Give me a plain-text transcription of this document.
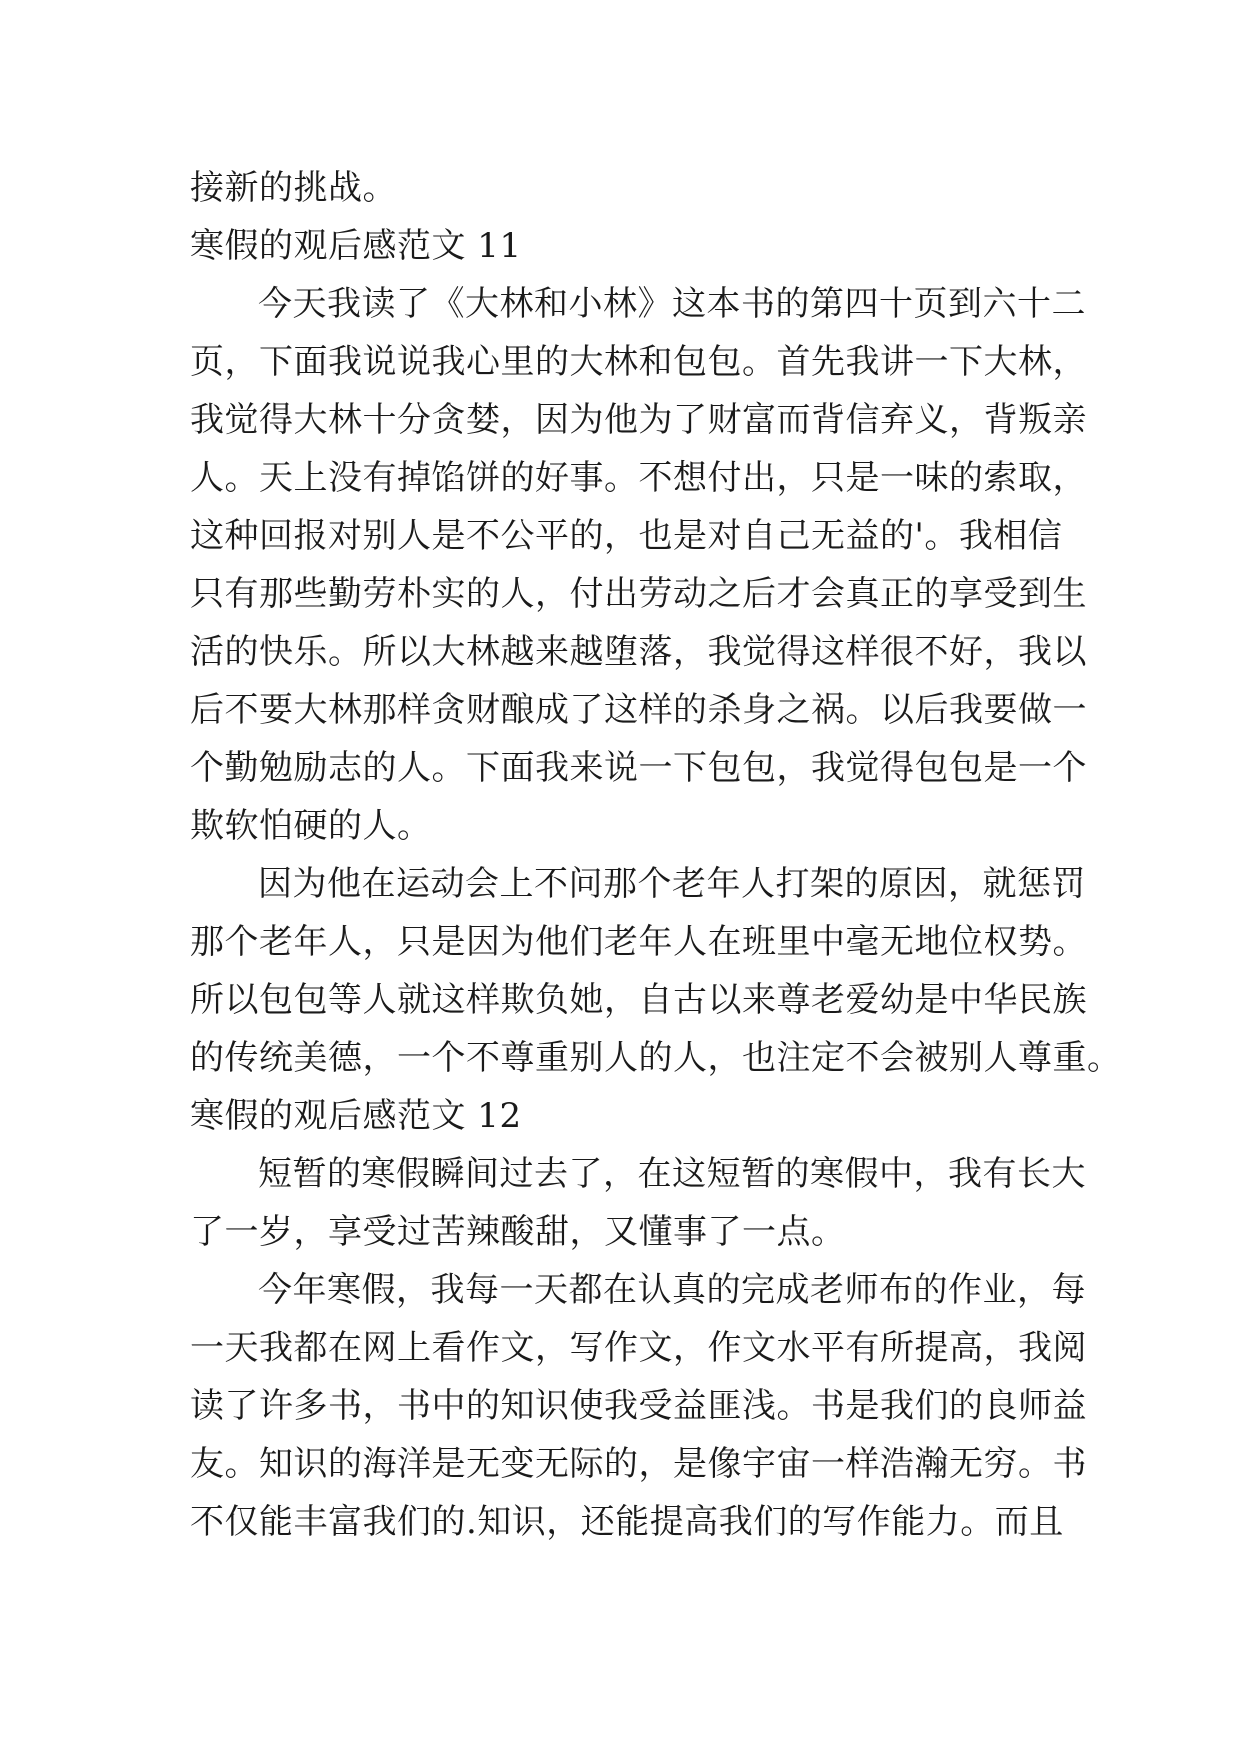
接新的挑战。
寒假的观后感范文 11
今天我读了《大林和小林》这本书的第四十页到六十二
页，下面我说说我心里的大林和包包。首先我讲一下大林，
我觉得大林十分贪婪，因为他为了财富而背信弃义，背叛亲
人。天上没有掉馅饼的好事。不想付出，只是一味的索取，
这种回报对别人是不公平的，也是对自己无益的'。我相信
只有那些勤劳朴实的人，付出劳动之后才会真正的享受到生
活的快乐。所以大林越来越堕落，我觉得这样很不好，我以
后不要大林那样贪财酿成了这样的杀身之祸。以后我要做一
个勤勉励志的人。下面我来说一下包包，我觉得包包是一个
欺软怕硬的人。
因为他在运动会上不问那个老年人打架的原因，就惩罚
那个老年人，只是因为他们老年人在班里中毫无地位权势。
所以包包等人就这样欺负她，自古以来尊老爱幼是中华民族
的传统美德，一个不尊重别人的人，也注定不会被别人尊重。
寒假的观后感范文 12
短暂的寒假瞬间过去了，在这短暂的寒假中，我有长大
了一岁，享受过苦辣酸甜，又懂事了一点。
今年寒假，我每一天都在认真的完成老师布的作业，每
一天我都在网上看作文，写作文，作文水平有所提高，我阅
读了许多书，书中的知识使我受益匪浅。书是我们的良师益
友。知识的海洋是无变无际的，是像宇宙一样浩瀚无穷。书
不仅能丰富我们的.知识，还能提高我们的写作能力。而且
